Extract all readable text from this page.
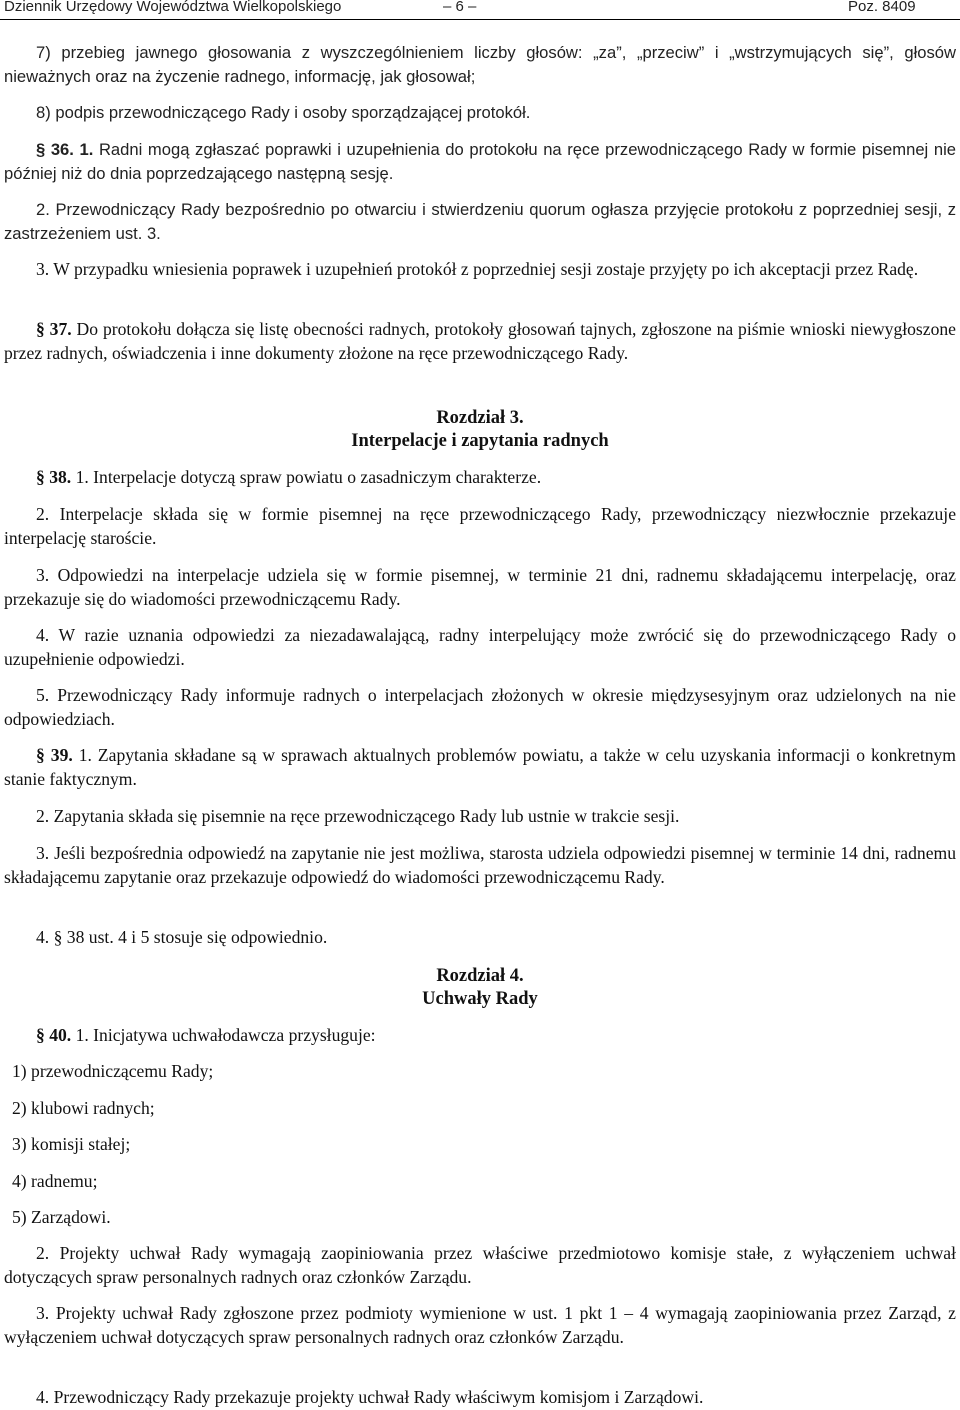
Dziennik Urzędowy Województwa Wielkopolskiego	– 6 –	Poz. 8409

7) przebieg jawnego głosowania z wyszczególnieniem liczby głosów: „za”, „przeciw” i „wstrzymujących się”, głosów nieważnych oraz na życzenie radnego, informację, jak głosował;

8) podpis przewodniczącego Rady i osoby sporządzającej protokół.

§ 36. 1. Radni mogą zgłaszać poprawki i uzupełnienia do protokołu na ręce przewodniczącego Rady w formie pisemnej nie później niż do dnia poprzedzającego następną sesję.

2. Przewodniczący Rady bezpośrednio po otwarciu i stwierdzeniu quorum ogłasza przyjęcie protokołu z poprzedniej sesji, z zastrzeżeniem ust. 3.

3. W przypadku wniesienia poprawek i uzupełnień protokół z poprzedniej sesji zostaje przyjęty po ich akceptacji przez Radę.

§ 37. Do protokołu dołącza się listę obecności radnych, protokoły głosowań tajnych, zgłoszone na piśmie wnioski niewygłoszone przez radnych, oświadczenia i inne dokumenty złożone na ręce przewodniczącego Rady.

Rozdział 3.

Interpelacje i zapytania radnych

§ 38. 1. Interpelacje dotyczą spraw powiatu o zasadniczym charakterze.

2. Interpelacje składa się w formie pisemnej na ręce przewodniczącego Rady, przewodniczący niezwłocznie przekazuje interpelację staroście.

3. Odpowiedzi na interpelacje udziela się w formie pisemnej, w terminie 21 dni, radnemu składającemu interpelację, oraz przekazuje się do wiadomości przewodniczącemu Rady.

4. W razie uznania odpowiedzi za niezadawalającą, radny interpelujący może zwrócić się do przewodniczącego Rady o uzupełnienie odpowiedzi.

5. Przewodniczący Rady informuje radnych o interpelacjach złożonych w okresie międzysesyjnym oraz udzielonych na nie odpowiedziach.

§ 39. 1. Zapytania składane są w sprawach aktualnych problemów powiatu, a także w celu uzyskania informacji o konkretnym stanie faktycznym.

2. Zapytania składa się pisemnie na ręce przewodniczącego Rady lub ustnie w trakcie sesji.

3. Jeśli bezpośrednia odpowiedź na zapytanie nie jest możliwa, starosta udziela odpowiedzi pisemnej w terminie 14 dni, radnemu składającemu zapytanie oraz przekazuje odpowiedź do wiadomości przewodniczącemu Rady.

4. § 38 ust. 4 i 5 stosuje się odpowiednio.

Rozdział 4.

Uchwały Rady

§ 40. 1. Inicjatywa uchwałodawcza przysługuje:

1) przewodniczącemu Rady;

2) klubowi radnych;

3) komisji stałej;

4) radnemu;

5) Zarządowi.

2. Projekty uchwał Rady wymagają zaopiniowania przez właściwe przedmiotowo komisje stałe, z wyłączeniem uchwał dotyczących spraw personalnych radnych oraz członków Zarządu.

3. Projekty uchwał Rady zgłoszone przez podmioty wymienione w ust. 1 pkt 1 – 4 wymagają zaopiniowania przez Zarząd, z wyłączeniem uchwał dotyczących spraw personalnych radnych oraz członków Zarządu.

4. Przewodniczący Rady przekazuje projekty uchwał Rady właściwym komisjom i Zarządowi.
